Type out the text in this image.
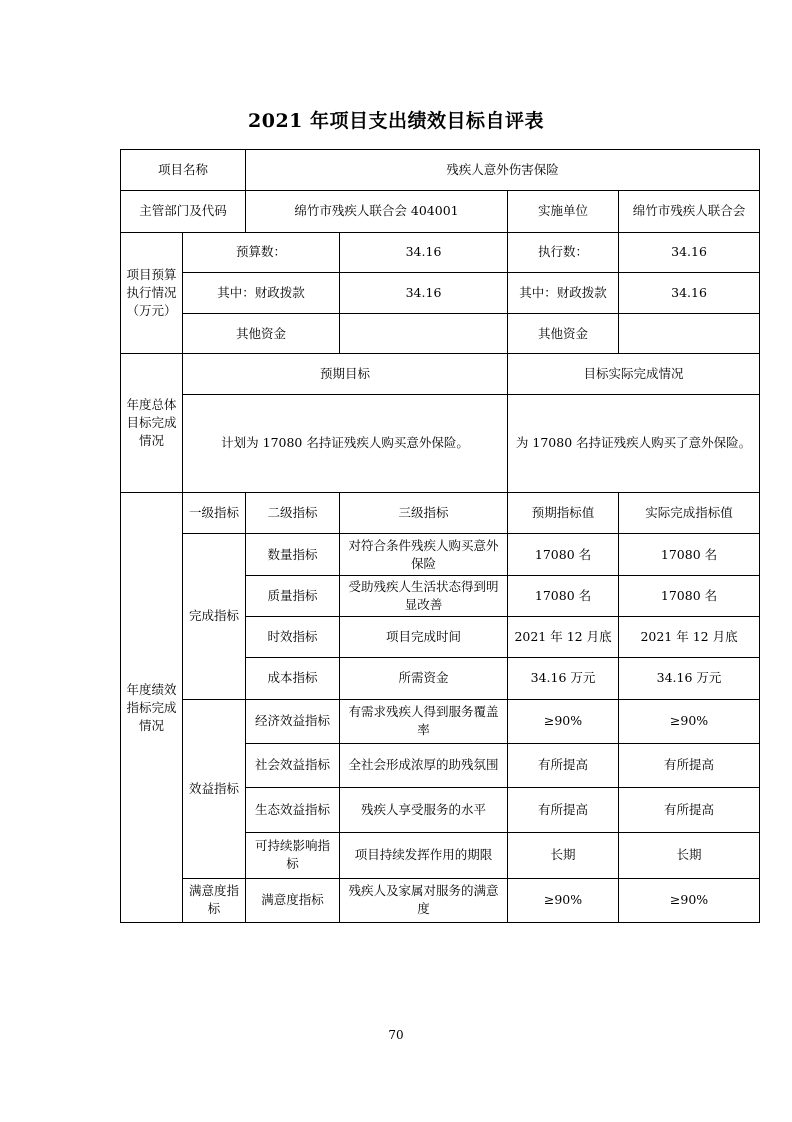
2021 年项目支出绩效目标自评表
项目名称		残疾人意外伤害保险			
主管部门及代码		绵竹市残疾人联合会 404001		实施单位	绵竹市残疾人联合会
项目预算执行情况（万元）	预算数：		34.16	执行数：	34.16
	其中：财政拨款		34.16	其中：财政拨款	34.16
	其他资金			其他资金	
年度总体目标完成情况	预期目标			目标实际完成情况	
	计划为 17080 名持证残疾人购买意外保险。			为 17080 名持证残疾人购买了意外保险。	
年度绩效指标完成情况	一级指标	二级指标	三级指标	预期指标值	实际完成指标值
	完成指标	数量指标	对符合条件残疾人购买意外保险	17080 名	17080 名
		质量指标	受助残疾人生活状态得到明显改善	17080 名	17080 名
		时效指标	项目完成时间	2021 年 12 月底	2021 年 12 月底
		成本指标	所需资金	34.16 万元	34.16 万元
	效益指标	经济效益指标	有需求残疾人得到服务覆盖率	≥90%	≥90%
		社会效益指标	全社会形成浓厚的助残氛围	有所提高	有所提高
		生态效益指标	残疾人享受服务的水平	有所提高	有所提高
		可持续影响指标	项目持续发挥作用的期限	长期	长期
	满意度指标	满意度指标	残疾人及家属对服务的满意度	≥90%	≥90%
70
